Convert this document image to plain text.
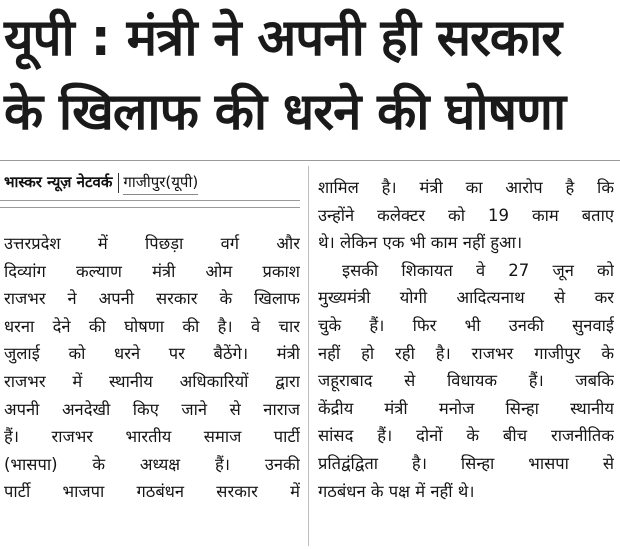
यूपी : मंत्री ने अपनी ही सरकार
के खिलाफ की धरने की घोषणा
भास्कर न्यूज़ नेटवर्क गाजीपुर(यूपी)
उत्तरप्रदेश में पिछड़ा वर्ग और
दिव्यांग कल्याण मंत्री ओम प्रकाश
राजभर ने अपनी सरकार के खिलाफ
धरना देने की घोषणा की है। वे चार
जुलाई को धरने पर बैठेंगे। मंत्री
राजभर में स्थानीय अधिकारियों द्वारा
अपनी अनदेखी किए जाने से नाराज
हैं। राजभर भारतीय समाज पार्टी
(भासपा) के अध्यक्ष हैं। उनकी
पार्टी भाजपा गठबंधन सरकार में
शामिल है। मंत्री का आरोप है कि
उन्होंने कलेक्टर को 19 काम बताए
थे। लेकिन एक भी काम नहीं हुआ।
इसकी शिकायत वे 27 जून को
मुख्यमंत्री योगी आदित्यनाथ से कर
चुके हैं। फिर भी उनकी सुनवाई
नहीं हो रही है। राजभर गाजीपुर के
जहूराबाद से विधायक हैं। जबकि
केंद्रीय मंत्री मनोज सिन्हा स्थानीय
सांसद हैं। दोनों के बीच राजनीतिक
प्रतिद्वंद्विता है। सिन्हा भासपा से
गठबंधन के पक्ष में नहीं थे।
